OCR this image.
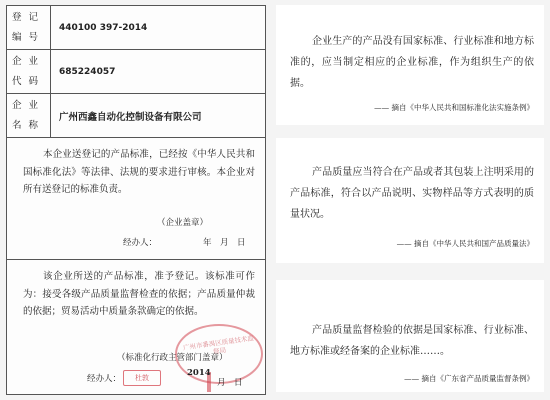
登记编号
440100 397-2014
企业代码
685224057
企业名称
广州西鑫自动化控制设备有限公司
本企业送登记的产品标准，已经按《中华人民共和国标准化法》等法律、法规的要求进行审核。本企业对所有送登记的标准负责。
（企业盖章）
经办人：	年　月　日
该企业所送的产品标准，准予登记。该标准可作为：接受各级产品质量监督检查的依据；产品质量仲裁的依据；贸易活动中质量条款确定的依据。
广州市番禺区质量技术监督局
（标准化行政主管部门盖章）
经办人：	杜敦	2014
月　日
企业生产的产品没有国家标准、行业标准和地方标准的，应当制定相应的企业标准，作为组织生产的依据。
—— 摘自《中华人民共和国标准化法实施条例》
产品质量应当符合在产品或者其包装上注明采用的产品标准，符合以产品说明、实物样品等方式表明的质量状况。
—— 摘自《中华人民共和国产品质量法》
产品质量监督检验的依据是国家标准、行业标准、地方标准或经备案的企业标准……。
—— 摘自《广东省产品质量监督条例》
